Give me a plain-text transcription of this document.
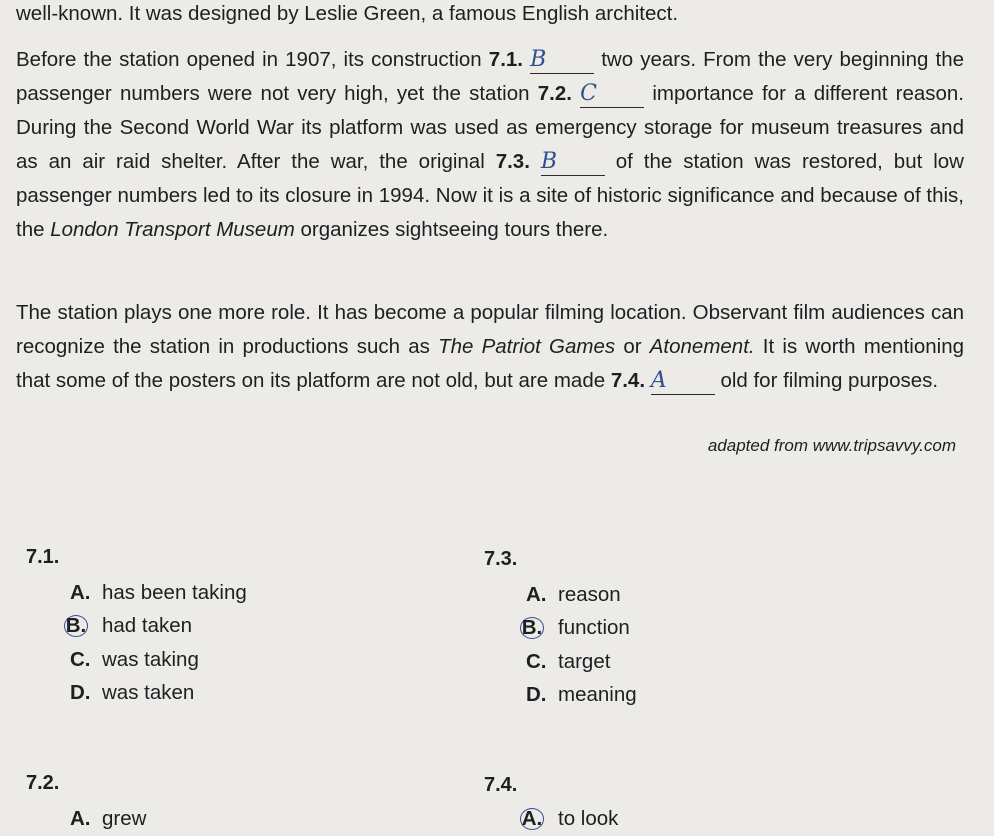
well-known. It was designed by Leslie Green, a famous English architect.
Before the station opened in 1907, its construction 7.1. B	two years. From the very beginning the passenger numbers were not very high, yet the station 7.2. C	importance for a different reason. During the Second World War its platform was used as emergency storage for museum treasures and as an air raid shelter. After the war, the original 7.3. B	of the station was restored, but low passenger numbers led to its closure in 1994. Now it is a site of historic significance and because of this, the London Transport Museum organizes sightseeing tours there.
The station plays one more role. It has become a popular filming location. Observant film audiences can recognize the station in productions such as The Patriot Games or Atonement. It is worth mentioning that some of the posters on its platform are not old, but are made 7.4. A	old for filming purposes.
adapted from www.tripsavvy.com
7.1.
A. has been taking
B. had taken
C. was taking
D. was taken
7.3.
A. reason
B. function
C. target
D. meaning
7.2.
A. grew
7.4.
A. to look
